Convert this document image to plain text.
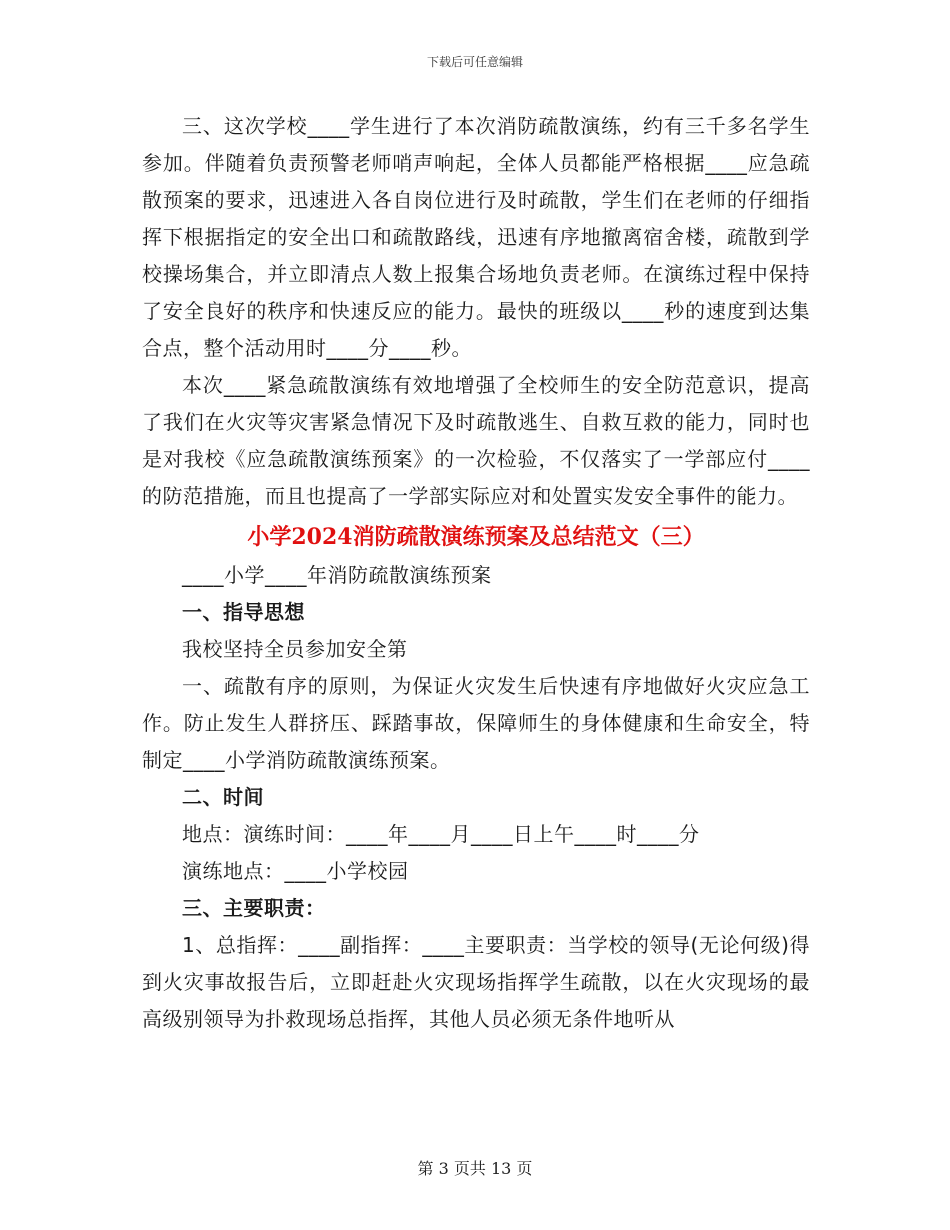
下载后可任意编辑

三、这次学校____学生进行了本次消防疏散演练，约有三千多名学生参加。伴随着负责预警老师哨声响起，全体人员都能严格根据____应急疏散预案的要求，迅速进入各自岗位进行及时疏散，学生们在老师的仔细指挥下根据指定的安全出口和疏散路线，迅速有序地撤离宿舍楼，疏散到学校操场集合，并立即清点人数上报集合场地负责老师。在演练过程中保持了安全良好的秩序和快速反应的能力。最快的班级以____秒的速度到达集合点，整个活动用时____分____秒。

本次____紧急疏散演练有效地增强了全校师生的安全防范意识，提高了我们在火灾等灾害紧急情况下及时疏散逃生、自救互救的能力，同时也是对我校《应急疏散演练预案》的一次检验，不仅落实了一学部应付____的防范措施，而且也提高了一学部实际应对和处置实发安全事件的能力。

小学2024消防疏散演练预案及总结范文（三）

____小学____年消防疏散演练预案

一、指导思想

我校坚持全员参加安全第

一、疏散有序的原则，为保证火灾发生后快速有序地做好火灾应急工作。防止发生人群挤压、踩踏事故，保障师生的身体健康和生命安全，特制定____小学消防疏散演练预案。

二、时间

地点：演练时间：____年____月____日上午____时____分

演练地点：____小学校园

三、主要职责：

1、总指挥：____副指挥：____主要职责：当学校的领导(无论何级)得到火灾事故报告后，立即赶赴火灾现场指挥学生疏散，以在火灾现场的最高级别领导为扑救现场总指挥，其他人员必须无条件地听从

第 3 页共 13 页
